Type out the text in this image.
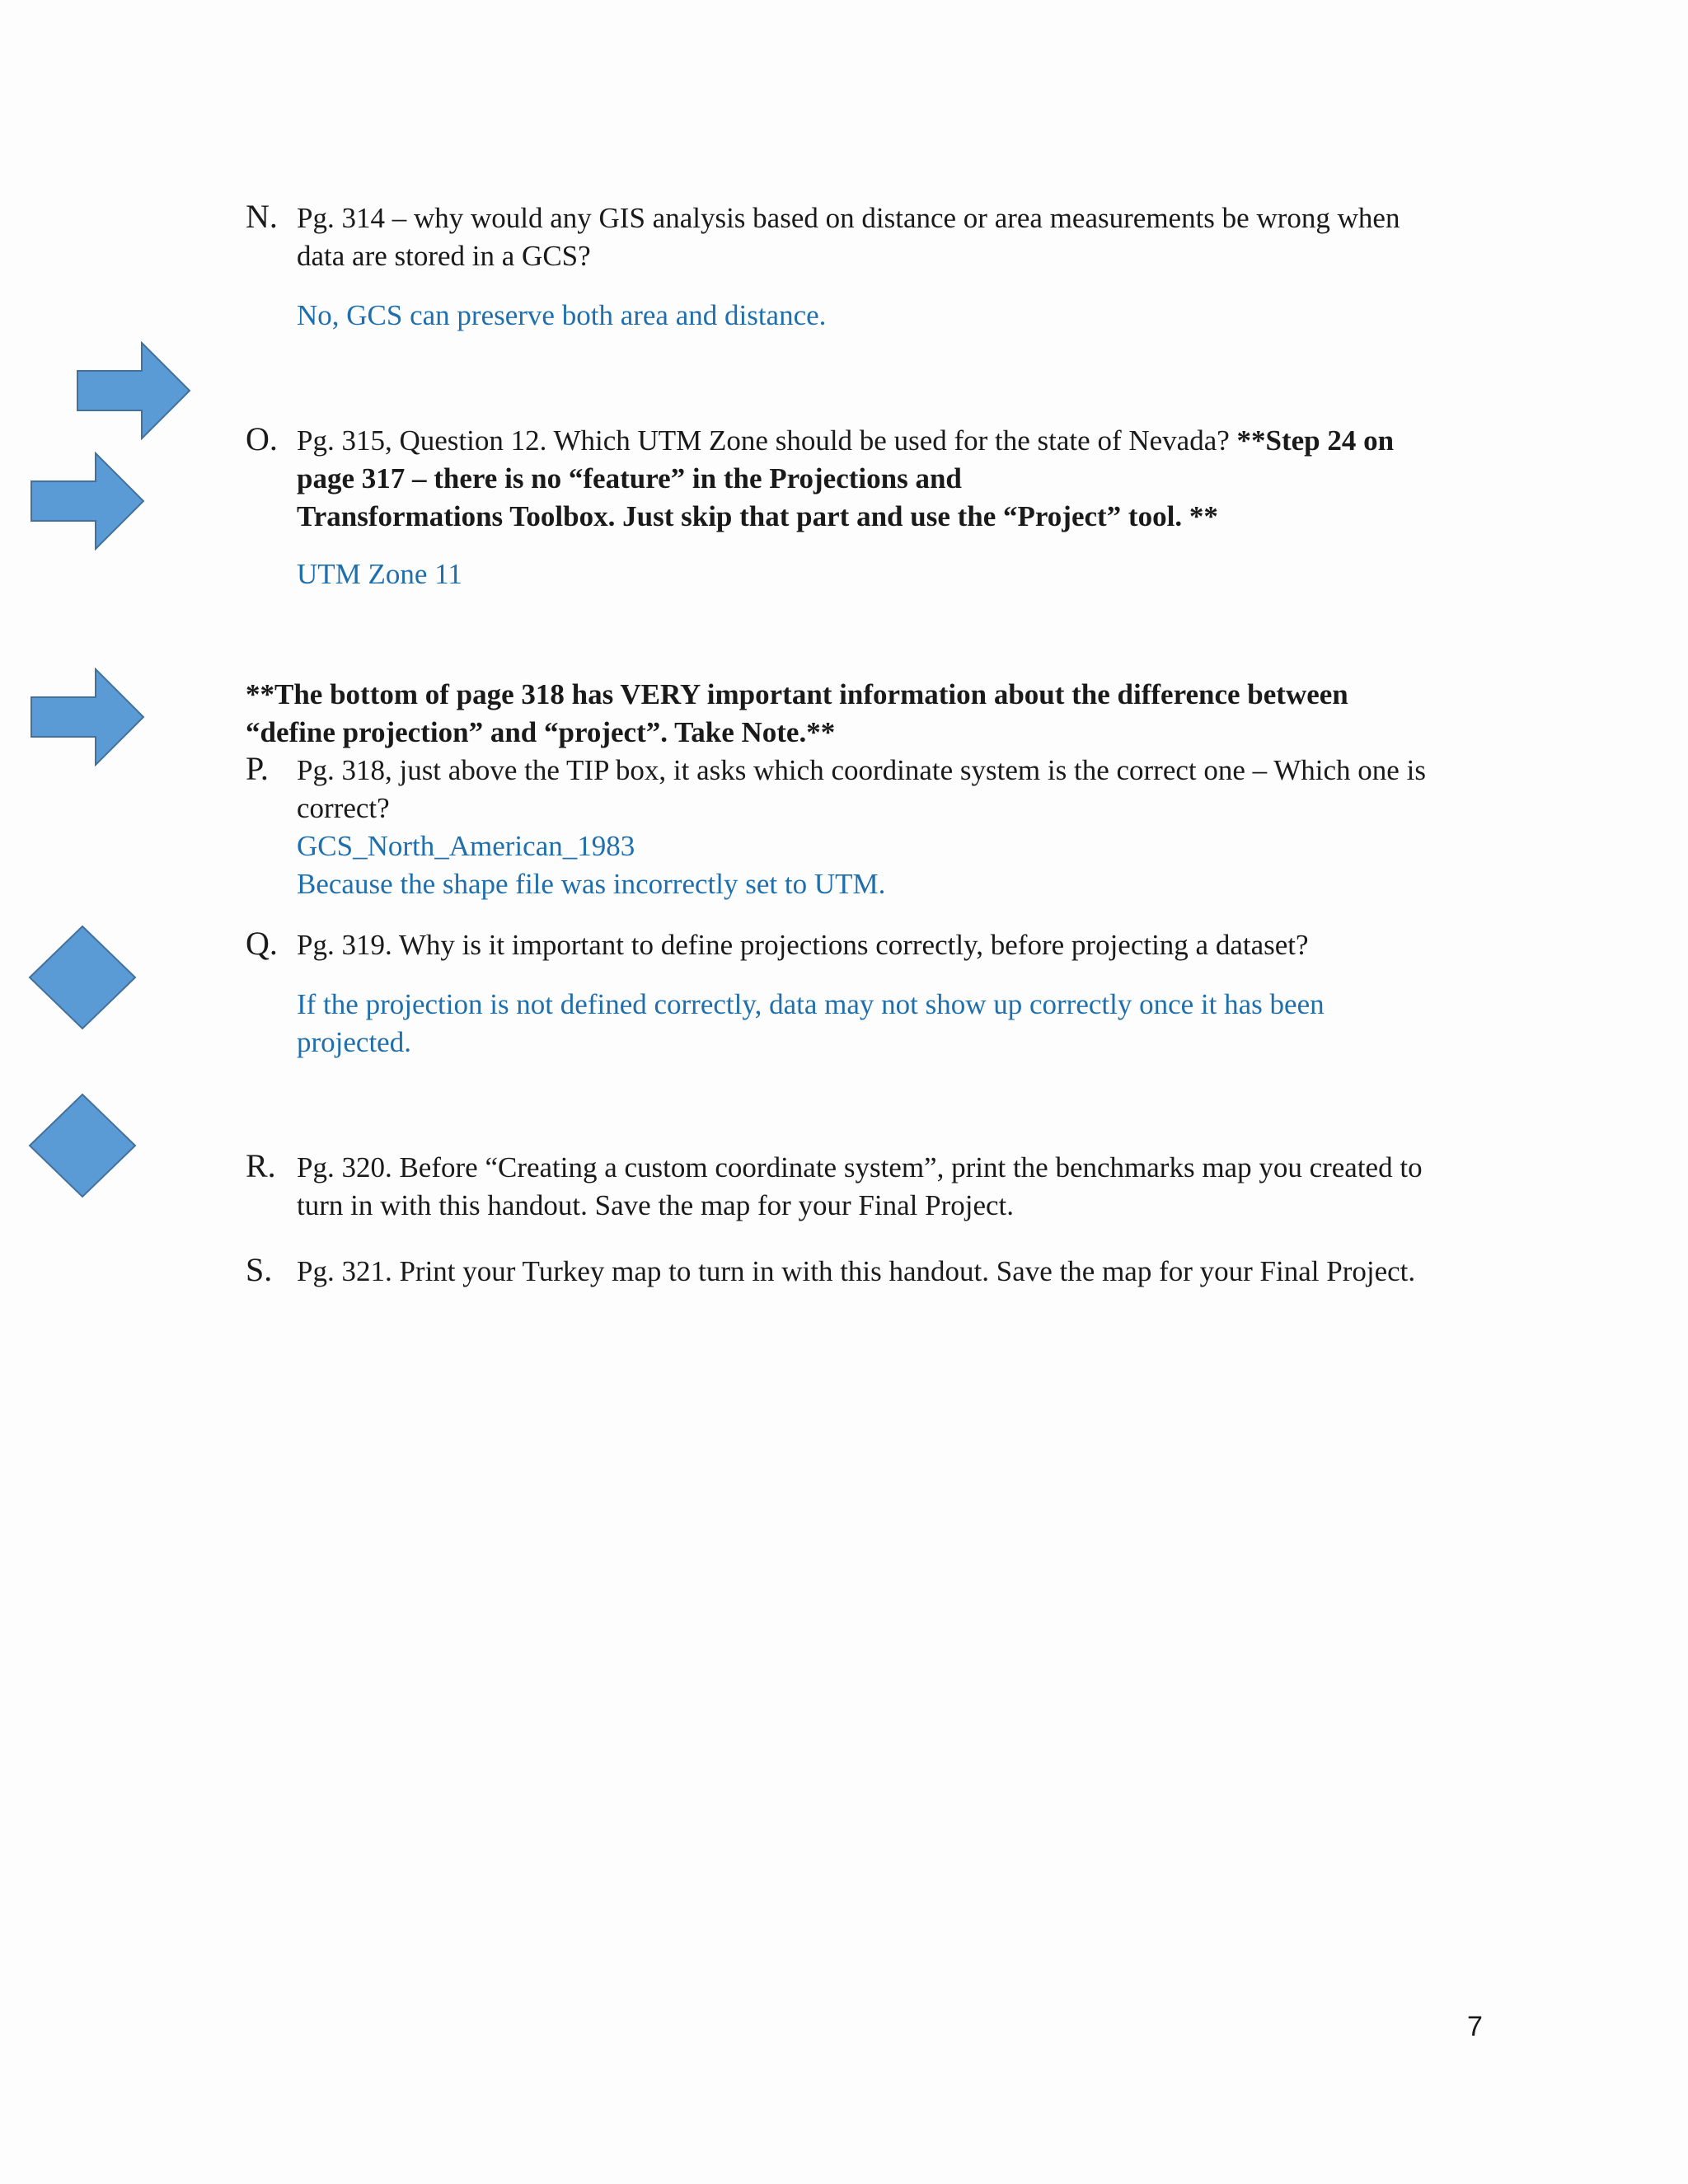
N. Pg. 314 – why would any GIS analysis based on distance or area measurements be wrong when
data are stored in a GCS?
No, GCS can preserve both area and distance.
O. Pg. 315, Question 12. Which UTM Zone should be used for the state of Nevada? **Step 24 on
page 317 – there is no “feature” in the Projections and
Transformations Toolbox. Just skip that part and use the “Project” tool. **
UTM Zone 11
**The bottom of page 318 has VERY important information about the difference between
“define projection” and “project”. Take Note.**
P. Pg. 318, just above the TIP box, it asks which coordinate system is the correct one – Which one is
correct?
GCS_North_American_1983
Because the shape file was incorrectly set to UTM.
Q. Pg. 319. Why is it important to define projections correctly, before projecting a dataset?
If the projection is not defined correctly, data may not show up correctly once it has been
projected.
R. Pg. 320. Before “Creating a custom coordinate system”, print the benchmarks map you created to
turn in with this handout. Save the map for your Final Project.
S. Pg. 321. Print your Turkey map to turn in with this handout. Save the map for your Final Project.
7
